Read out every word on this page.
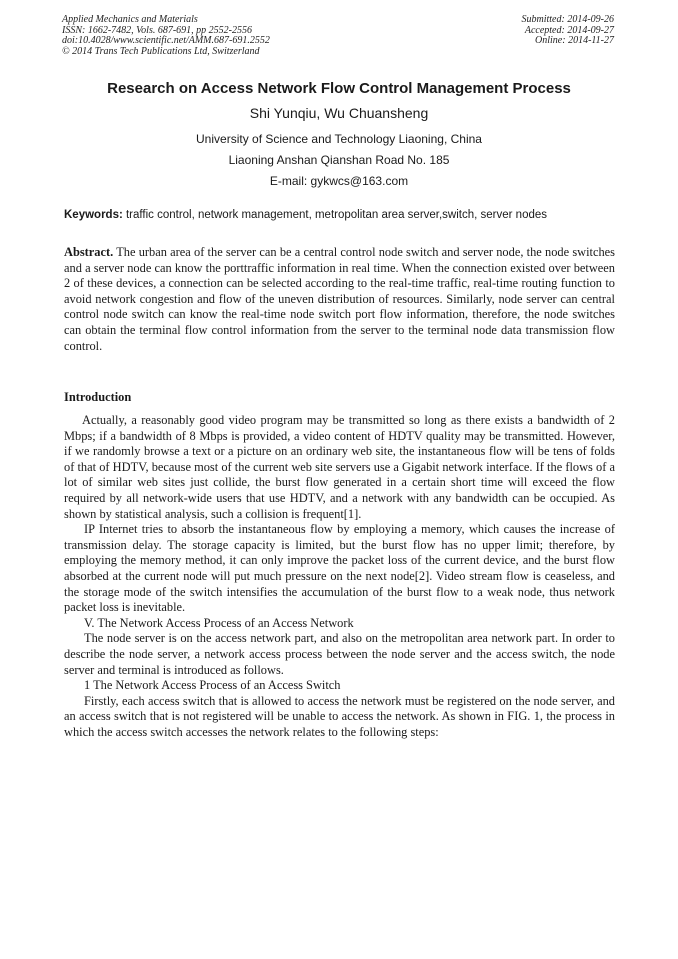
Applied Mechanics and Materials
ISSN: 1662-7482, Vols. 687-691, pp 2552-2556
doi:10.4028/www.scientific.net/AMM.687-691.2552
© 2014 Trans Tech Publications Ltd, Switzerland
Submitted: 2014-09-26
Accepted: 2014-09-27
Online: 2014-11-27
Research on Access Network Flow Control Management Process
Shi Yunqiu, Wu Chuansheng
University of Science and Technology Liaoning, China
Liaoning Anshan Qianshan Road No. 185
E-mail: gykwcs@163.com
Keywords: traffic control, network management, metropolitan area server,switch, server nodes

Abstract. The urban area of the server can be a central control node switch and server node, the node switches and a server node can know the porttraffic information in real time. When the connection existed over between 2 of these devices, a connection can be selected according to the real-time traffic, real-time routing function to avoid network congestion and flow of the uneven distribution of resources. Similarly, node server can central control node switch can know the real-time node switch port flow information, therefore, the node switches can obtain the terminal flow control information from the server to the terminal node data transmission flow control.

Introduction

Actually, a reasonably good video program may be transmitted so long as there exists a bandwidth of 2 Mbps; if a bandwidth of 8 Mbps is provided, a video content of HDTV quality may be transmitted. However, if we randomly browse a text or a picture on an ordinary web site, the instantaneous flow will be tens of folds of that of HDTV, because most of the current web site servers use a Gigabit network interface. If the flows of a lot of similar web sites just collide, the burst flow generated in a certain short time will exceed the flow required by all network-wide users that use HDTV, and a network with any bandwidth can be occupied. As shown by statistical analysis, such a collision is frequent[1].

IP Internet tries to absorb the instantaneous flow by employing a memory, which causes the increase of transmission delay. The storage capacity is limited, but the burst flow has no upper limit; therefore, by employing the memory method, it can only improve the packet loss of the current device, and the burst flow absorbed at the current node will put much pressure on the next node[2]. Video stream flow is ceaseless, and the storage mode of the switch intensifies the accumulation of the burst flow to a weak node, thus network packet loss is inevitable.

V. The Network Access Process of an Access Network

The node server is on the access network part, and also on the metropolitan area network part. In order to describe the node server, a network access process between the node server and the access switch, the node server and terminal is introduced as follows.

1 The Network Access Process of an Access Switch

Firstly, each access switch that is allowed to access the network must be registered on the node server, and an access switch that is not registered will be unable to access the network. As shown in FIG. 1, the process in which the access switch accesses the network relates to the following steps:
